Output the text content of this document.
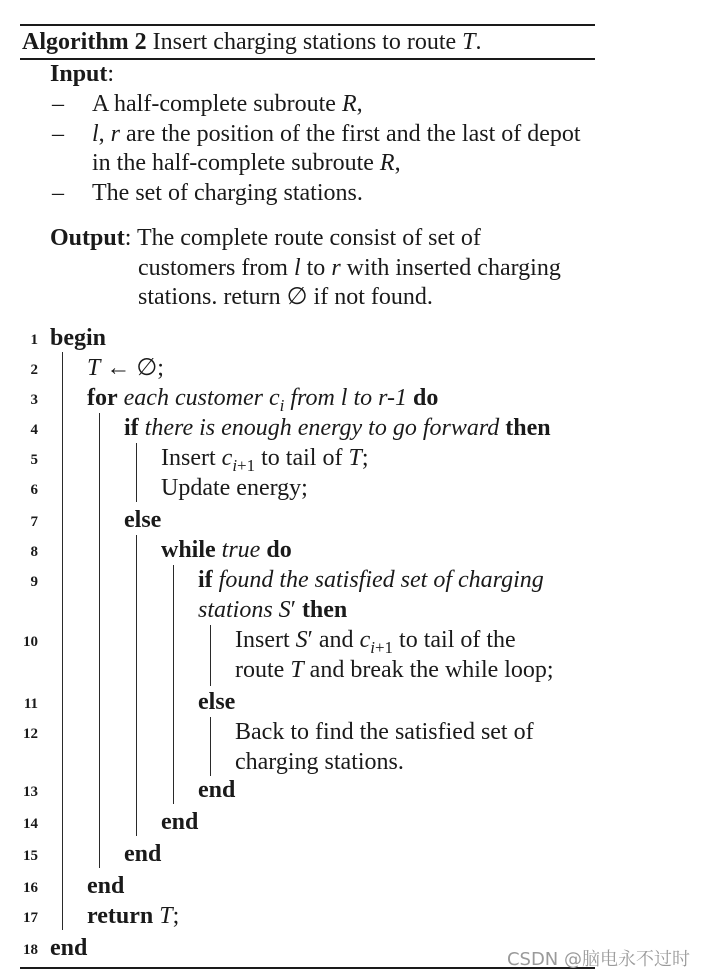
Algorithm 2 Insert charging stations to route T.
Input:
– A half-complete subroute R,
– l, r are the position of the first and the last of depot
in the half-complete subroute R,
– The set of charging stations.
Output: The complete route consist of set of
customers from l to r with inserted charging
stations. return ∅ if not found.
1
2
3
4
5
6
7
8
9
10
11
12
13
14
15
16
17
18
begin
T ← ∅;
for each customer $c_i$ from l to r-1 do
if there is enough energy to go forward then
Insert $c_{i+1}$ to tail of T;
Update energy;
else
while true do
if found the satisfied set of charging
stations S′ then
Insert S′ and $c_{i+1}$ to tail of the
route T and break the while loop;
else
Back to find the satisfied set of
charging stations.
end
end
end
end
return T;
end	CSDN @脑电永不过时
